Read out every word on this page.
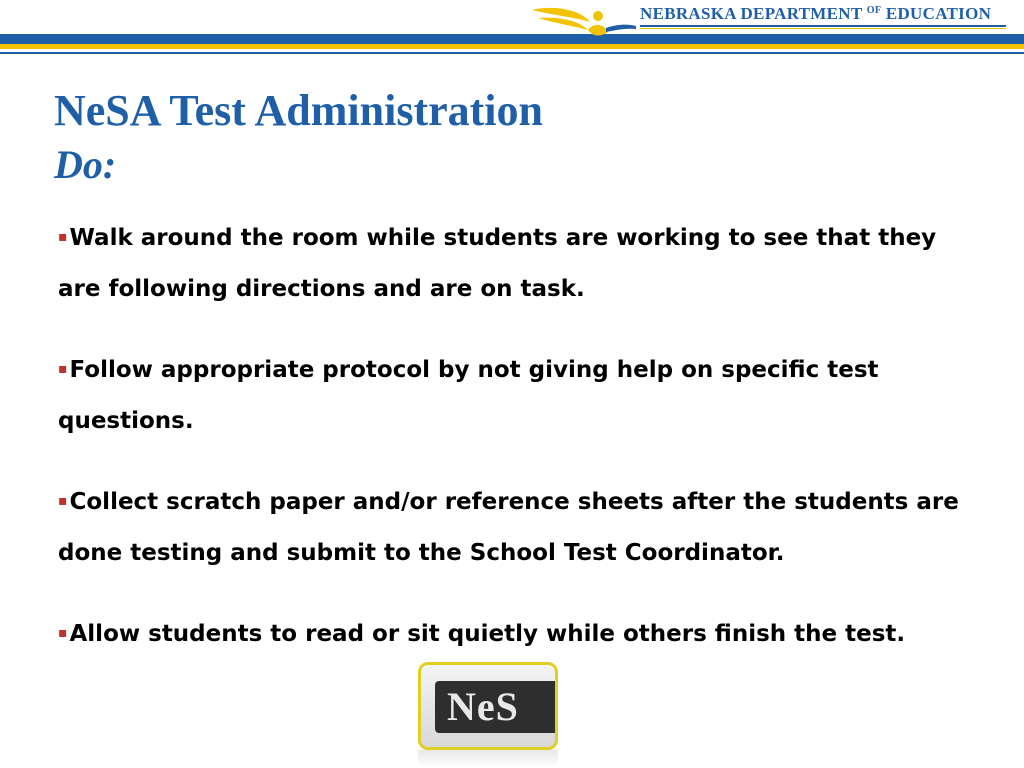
NEBRASKA DEPARTMENT $^{OF}$ EDUCATION
NeSA Test Administration
Do:
▪Walk around the room while students are working to see that they are following directions and are on task.
▪Follow appropriate protocol by not giving help on specific test questions.
▪Collect scratch paper and/or reference sheets after the students are done testing and submit to the School Test Coordinator.
▪Allow students to read or sit quietly while others finish the test.
NeS
